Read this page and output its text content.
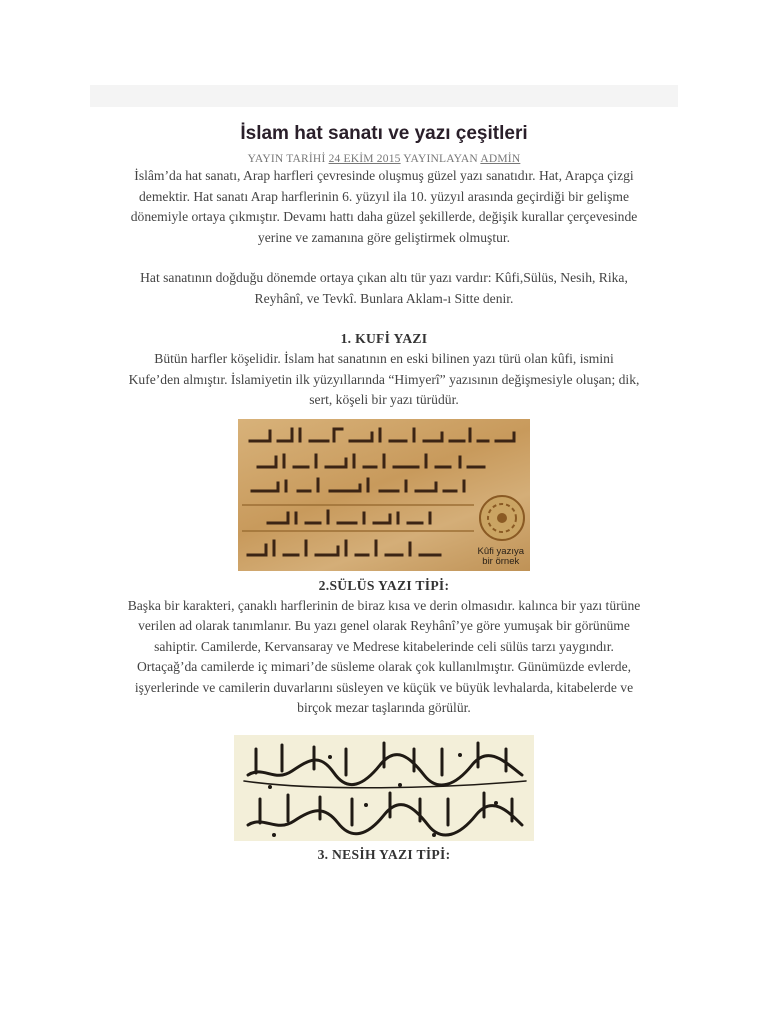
İslam hat sanatı ve yazı çeşitleri
YAYIN TARİHİ 24 EKİM 2015 YAYINLAYAN ADMİN

İslâm’da hat sanatı, Arap harfleri çevresinde oluşmuş güzel yazı sanatıdır. Hat, Arapça çizgi

demektir. Hat sanatı Arap harflerinin 6. yüzyıl ila 10. yüzyıl arasında geçirdiği bir gelişme

dönemiyle ortaya çıkmıştır. Devamı hattı daha güzel şekillerde, değişik kurallar çerçevesinde

yerine ve zamanına göre geliştirmek olmuştur.

Hat sanatının doğduğu dönemde ortaya çıkan altı tür yazı vardır: Kûfi,Sülüs, Nesih, Rika,

Reyhânî, ve Tevkî. Bunlara Aklam-ı Sitte denir.

1. KUFİ YAZI

Bütün harfler köşelidir. İslam hat sanatının en eski bilinen yazı türü olan kûfi, ismini

Kufe’den almıştır. İslamiyetin ilk yüzyıllarında “Himyerî” yazısının değişmesiyle oluşan; dik,

sert, köşeli bir yazı türüdür.

Kûfi yazıya
bir örnek
2.SÜLÜS YAZI TİPİ:

Başka bir karakteri, çanaklı harflerinin de biraz kısa ve derin olmasıdır. kalınca bir yazı türüne

verilen ad olarak tanımlanır. Bu yazı genel olarak Reyhânî’ye göre yumuşak bir görünüme

sahiptir. Camilerde, Kervansaray ve Medrese kitabelerinde celi sülüs tarzı yaygındır.

Ortaçağ’da camilerde iç mimari’de süsleme olarak çok kullanılmıştır. Günümüzde evlerde,

işyerlerinde ve camilerin duvarlarını süsleyen ve küçük ve büyük levhalarda, kitabelerde ve

birçok mezar taşlarında görülür.

3. NESİH YAZI TİPİ:
